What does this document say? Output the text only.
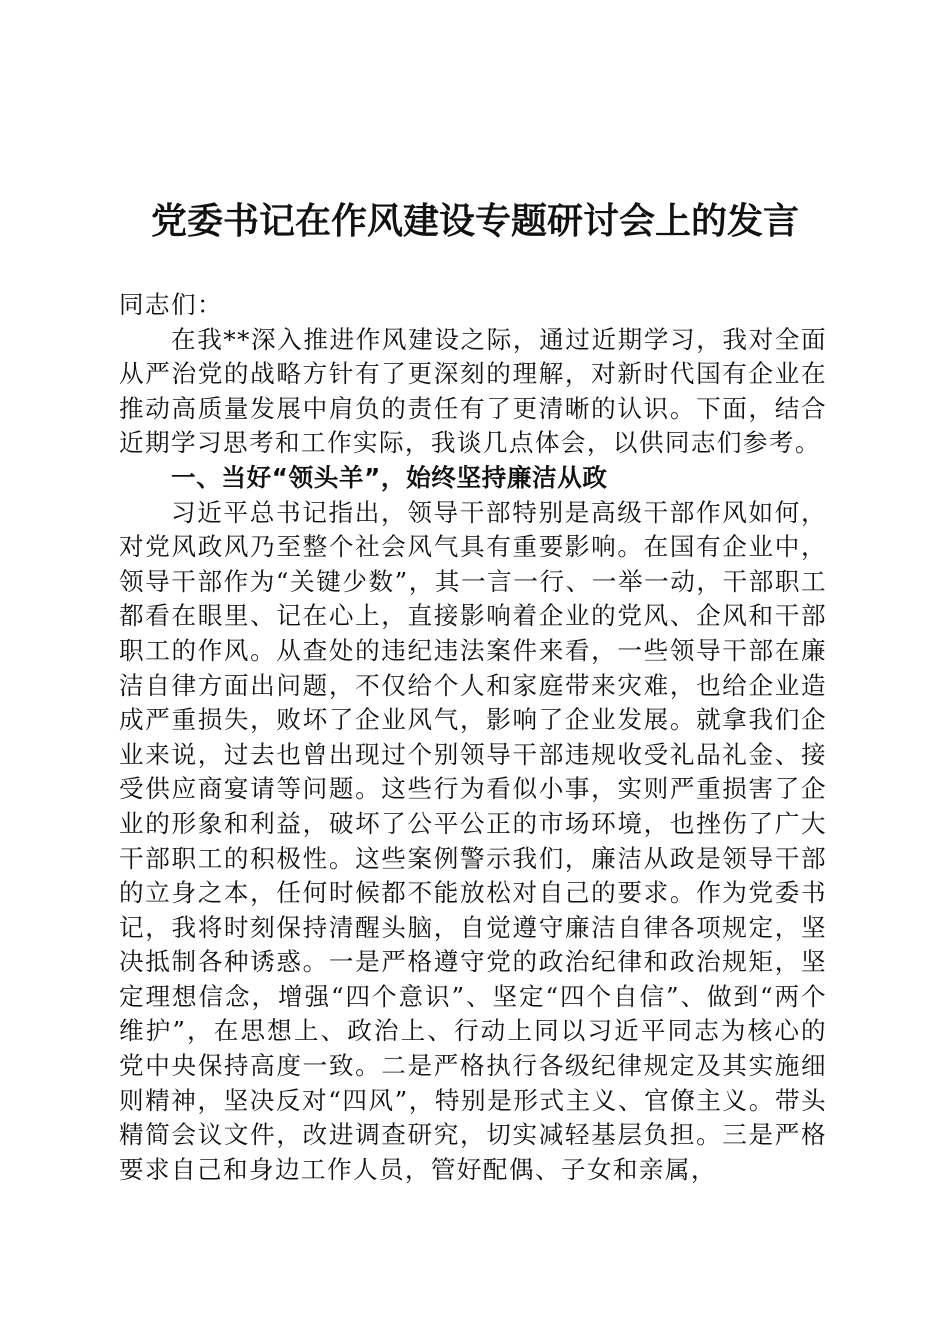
党委书记在作风建设专题研讨会上的发言

同志们：

在我**深入推进作风建设之际，通过近期学习，我对全面从严治党的战略方针有了更深刻的理解，对新时代国有企业在推动高质量发展中肩负的责任有了更清晰的认识。下面，结合近期学习思考和工作实际，我谈几点体会，以供同志们参考。

一、当好“领头羊”，始终坚持廉洁从政

习近平总书记指出，领导干部特别是高级干部作风如何，对党风政风乃至整个社会风气具有重要影响。在国有企业中，领导干部作为“关键少数”，其一言一行、一举一动，干部职工都看在眼里、记在心上，直接影响着企业的党风、企风和干部职工的作风。从查处的违纪违法案件来看，一些领导干部在廉洁自律方面出问题，不仅给个人和家庭带来灾难，也给企业造成严重损失，败坏了企业风气，影响了企业发展。就拿我们企业来说，过去也曾出现过个别领导干部违规收受礼品礼金、接受供应商宴请等问题。这些行为看似小事，实则严重损害了企业的形象和利益，破坏了公平公正的市场环境，也挫伤了广大干部职工的积极性。这些案例警示我们，廉洁从政是领导干部的立身之本，任何时候都不能放松对自己的要求。作为党委书记，我将时刻保持清醒头脑，自觉遵守廉洁自律各项规定，坚决抵制各种诱惑。一是严格遵守党的政治纪律和政治规矩，坚定理想信念，增强“四个意识”、坚定“四个自信”、做到“两个维护”，在思想上、政治上、行动上同以习近平同志为核心的党中央保持高度一致。二是严格执行各级纪律规定及其实施细则精神，坚决反对“四风”，特别是形式主义、官僚主义。带头精简会议文件，改进调查研究，切实减轻基层负担。三是严格要求自己和身边工作人员，管好配偶、子女和亲属，
